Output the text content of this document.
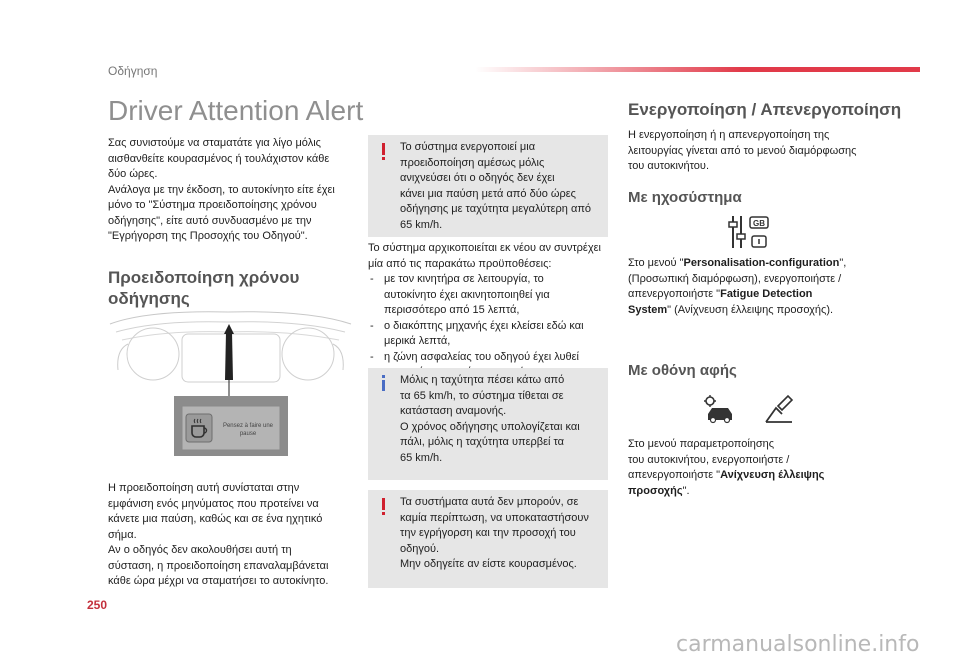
Οδήγηση
Driver Attention Alert

Σας συνιστούμε να σταματάτε για λίγο μόλις

αισθανθείτε κουρασμένος ή τουλάχιστον κάθε

δύο ώρες.

Ανάλογα με την έκδοση, το αυτοκίνητο είτε έχει

μόνο το "Σύστημα προειδοποίησης χρόνου

οδήγησης", είτε αυτό συνδυασμένο με την

"Εγρήγορση της Προσοχής του Οδηγού".

Προειδοποίηση χρόνου
οδήγησης
Pensez à faire une
pause

Η προειδοποίηση αυτή συνίσταται στην

εμφάνιση ενός μηνύματος που προτείνει να

κάνετε μια παύση, καθώς και σε ένα ηχητικό

σήμα.

Αν ο οδηγός δεν ακολουθήσει αυτή τη

σύσταση, η προειδοποίηση επαναλαμβάνεται

κάθε ώρα μέχρι να σταματήσει το αυτοκίνητο.

250

Το σύστημα ενεργοποιεί μια

προειδοποίηση αμέσως μόλις

ανιχνεύσει ότι ο οδηγός δεν έχει

κάνει μια παύση μετά από δύο ώρες

οδήγησης με ταχύτητα μεγαλύτερη από

65 km/h.

Το σύστημα αρχικοποιείται εκ νέου αν συντρέχει

μία από τις παρακάτω προϋποθέσεις:

- με τον κινητήρα σε λειτουργία, το
αυτοκίνητο έχει ακινητοποιηθεί για
περισσότερο από 15 λεπτά,
- ο διακόπτης μηχανής έχει κλείσει εδώ και
μερικά λεπτά,
- η ζώνη ασφαλείας του οδηγού έχει λυθεί

Μόλις η ταχύτητα πέσει κάτω από

τα 65 km/h, το σύστημα τίθεται σε

κατάσταση αναμονής.

Ο χρόνος οδήγησης υπολογίζεται και

πάλι, μόλις η ταχύτητα υπερβεί τα

65 km/h.

Τα συστήματα αυτά δεν μπορούν, σε

καμία περίπτωση, να υποκαταστήσουν

την εγρήγορση και την προσοχή του

οδηγού.

Μην οδηγείτε αν είστε κουρασμένος.

Ενεργοποίηση / Απενεργοποίηση

Η ενεργοποίηση ή η απενεργοποίηση της

λειτουργίας γίνεται από το μενού διαμόρφωσης

του αυτοκινήτου.

Με ηχοσύστημα
GB

Στο μενού "Personalisation-configuration",

(Προσωπική διαμόρφωση), ενεργοποιήστε /

απενεργοποιήστε "Fatigue Detection

System" (Ανίχνευση έλλειψης προσοχής).

Με οθόνη αφής

Στο μενού παραμετροποίησης

του αυτοκινήτου, ενεργοποιήστε /

απενεργοποιήστε "Ανίχνευση έλλειψης

προσοχής".

carmanualsonline.info
